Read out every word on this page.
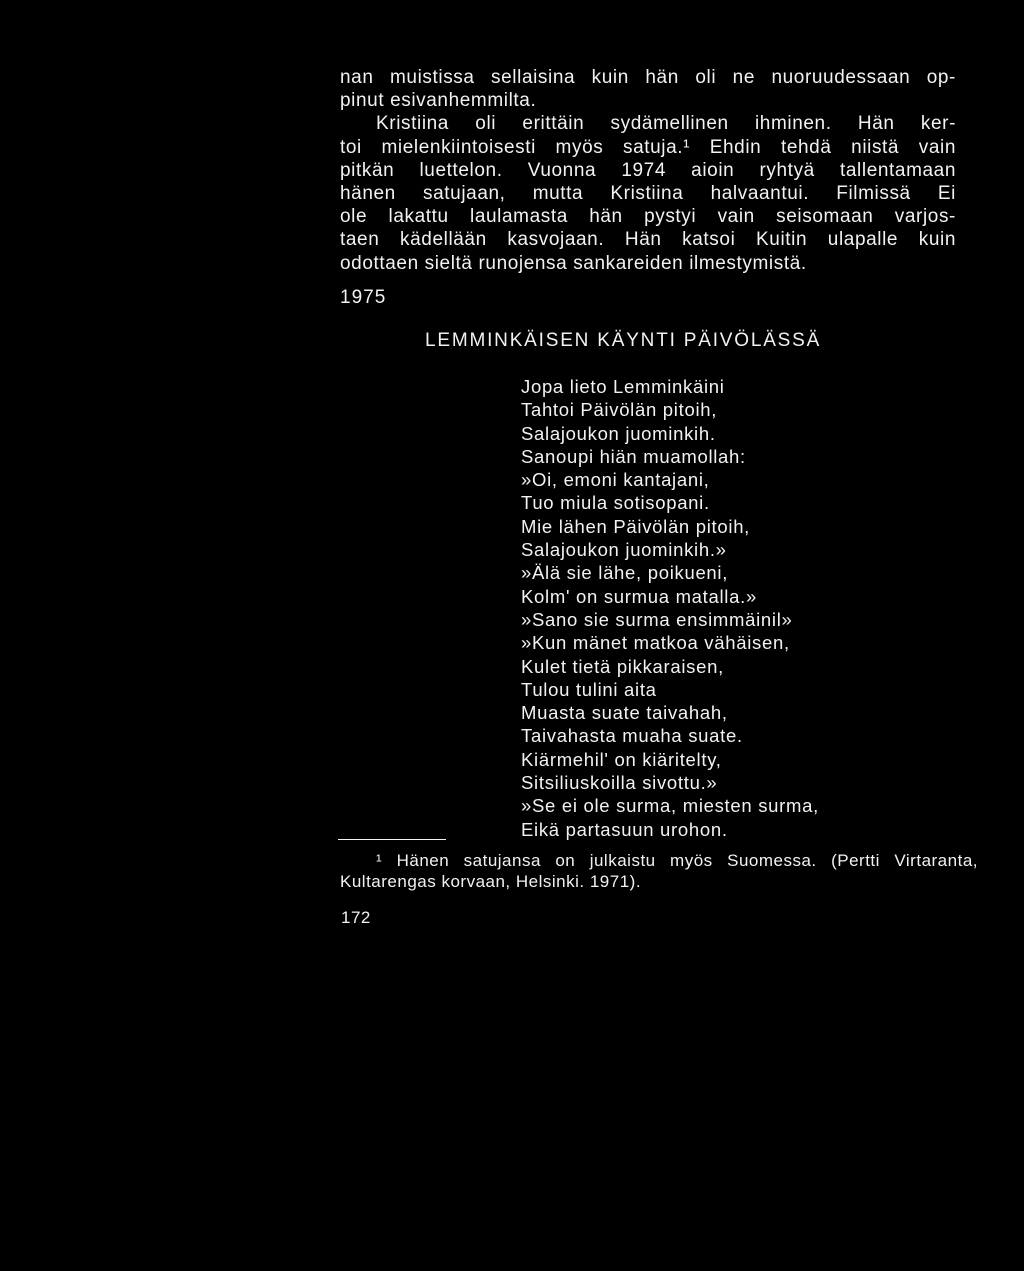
nan muistissa sellaisina kuin hän oli ne nuoruudessaan op-
pinut esivanhemmilta.
Kristiina oli erittäin sydämellinen ihminen. Hän ker-
toi mielenkiintoisesti myös satuja.¹ Ehdin tehdä niistä vain
pitkän luettelon. Vuonna 1974 aioin ryhtyä tallentamaan
hänen satujaan, mutta Kristiina halvaantui. Filmissä Ei
ole lakattu laulamasta hän pystyi vain seisomaan varjos-
taen kädellään kasvojaan. Hän katsoi Kuitin ulapalle kuin
odottaen sieltä runojensa sankareiden ilmestymistä.
1975
LEMMINKÄISEN KÄYNTI PÄIVÖLÄSSÄ
Jopa lieto Lemminkäini
Tahtoi Päivölän pitoih,
Salajoukon juominkih.
Sanoupi hiän muamollah:
»Oi, emoni kantajani,
Tuo miula sotisopani.
Mie lähen Päivölän pitoih,
Salajoukon juominkih.»
»Älä sie lähe, poikueni,
Kolm' on surmua matalla.»
»Sano sie surma ensimmäinil»
»Kun mänet matkoa vähäisen,
Kulet tietä pikkaraisen,
Tulou tulini aita
Muasta suate taivahah,
Taivahasta muaha suate.
Kiärmehil' on kiäritelty,
Sitsiliuskoilla sivottu.»
»Se ei ole surma, miesten surma,
Eikä partasuun urohon.
¹ Hänen satujansa on julkaistu myös Suomessa. (Pertti Virtaranta,
Kultarengas korvaan, Helsinki. 1971).
172
